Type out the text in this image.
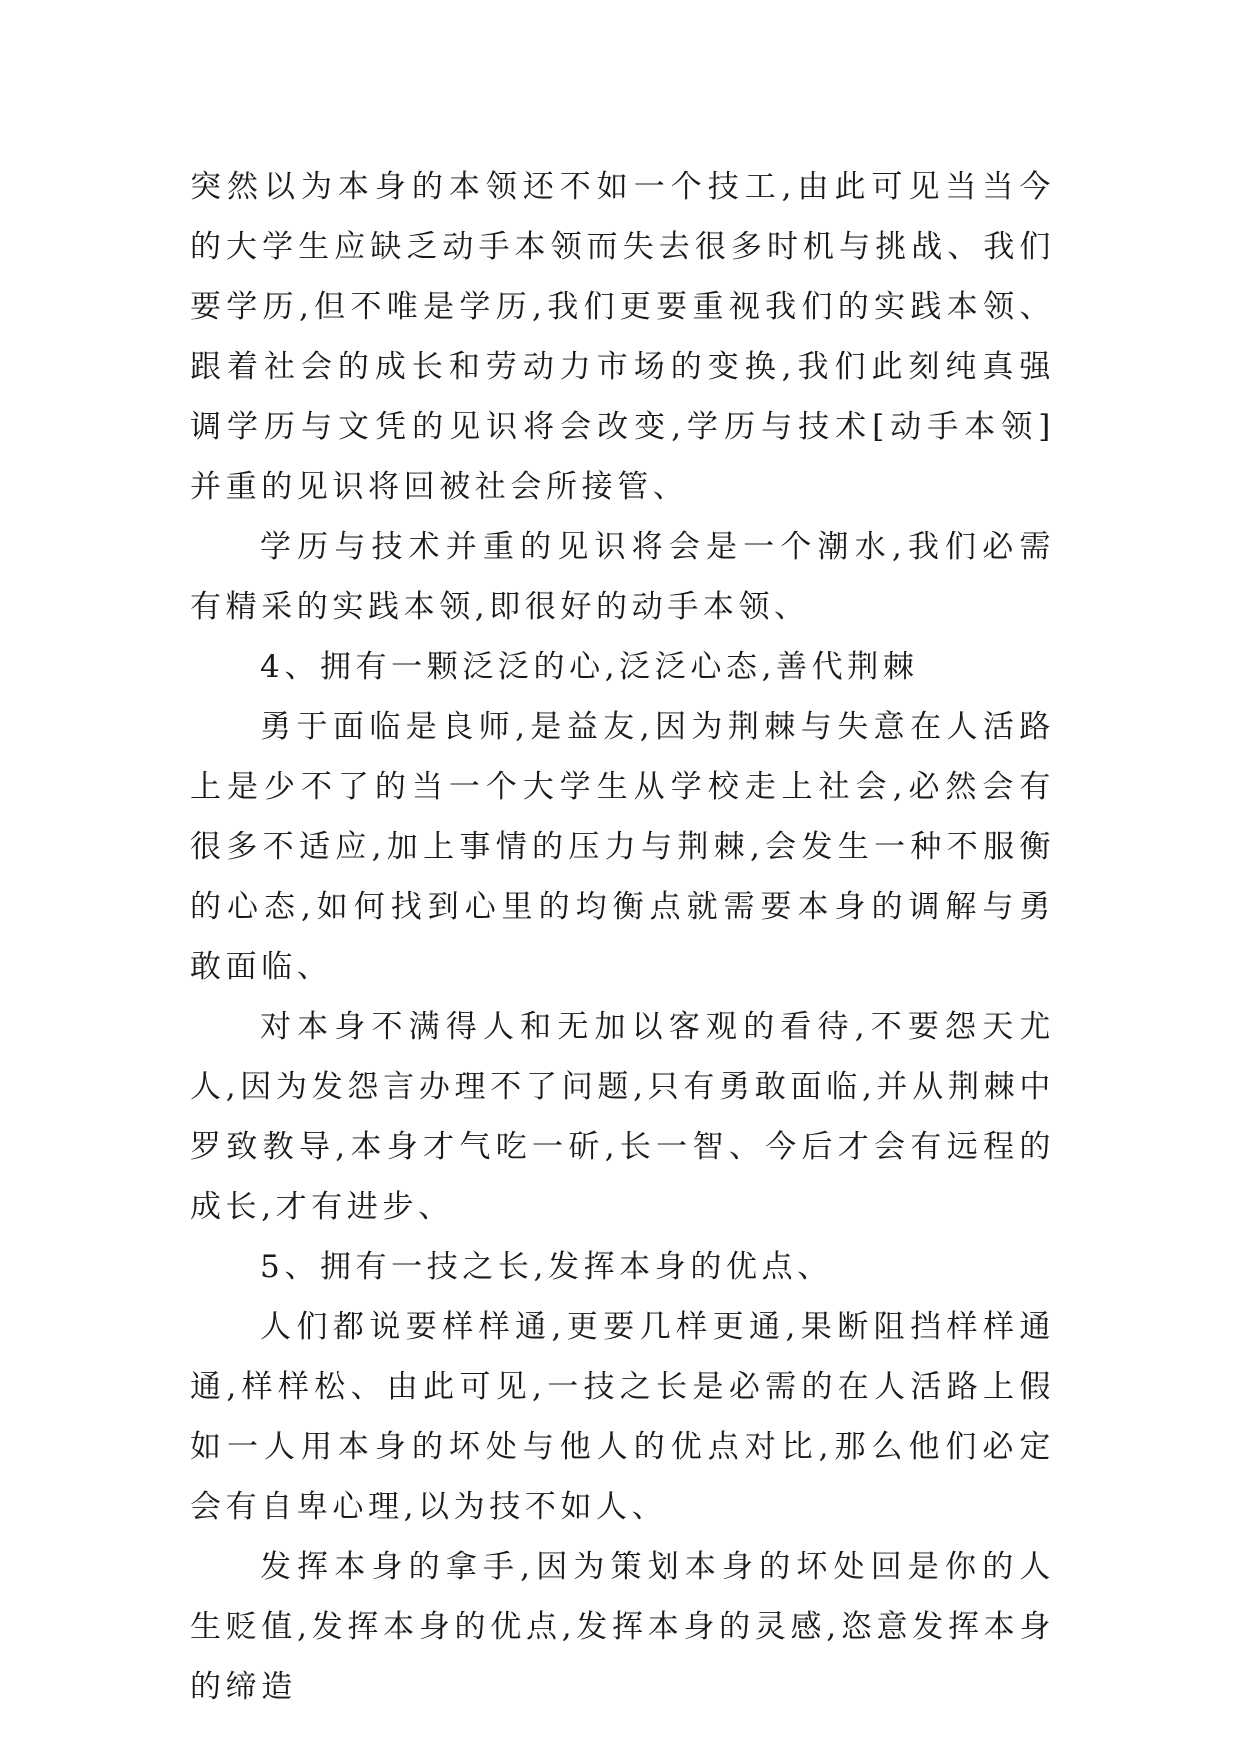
突然以为本身的本领还不如一个技工,由此可见当当今的大学生应缺乏动手本领而失去很多时机与挑战、我们要学历,但不唯是学历,我们更要重视我们的实践本领、跟着社会的成长和劳动力市场的变换,我们此刻纯真强调学历与文凭的见识将会改变,学历与技术[动手本领]并重的见识将回被社会所接管、

学历与技术并重的见识将会是一个潮水,我们必需有精采的实践本领,即很好的动手本领、

4、拥有一颗泛泛的心,泛泛心态,善代荆棘

勇于面临是良师,是益友,因为荆棘与失意在人活路上是少不了的当一个大学生从学校走上社会,必然会有很多不适应,加上事情的压力与荆棘,会发生一种不服衡的心态,如何找到心里的均衡点就需要本身的调解与勇敢面临、

对本身不满得人和无加以客观的看待,不要怨天尤人,因为发怨言办理不了问题,只有勇敢面临,并从荆棘中罗致教导,本身才气吃一斫,长一智、今后才会有远程的成长,才有进步、

5、拥有一技之长,发挥本身的优点、

人们都说要样样通,更要几样更通,果断阻挡样样通通,样样松、由此可见,一技之长是必需的在人活路上假如一人用本身的坏处与他人的优点对比,那么他们必定会有自卑心理,以为技不如人、

发挥本身的拿手,因为策划本身的坏处回是你的人生贬值,发挥本身的优点,发挥本身的灵感,恣意发挥本身的缔造
